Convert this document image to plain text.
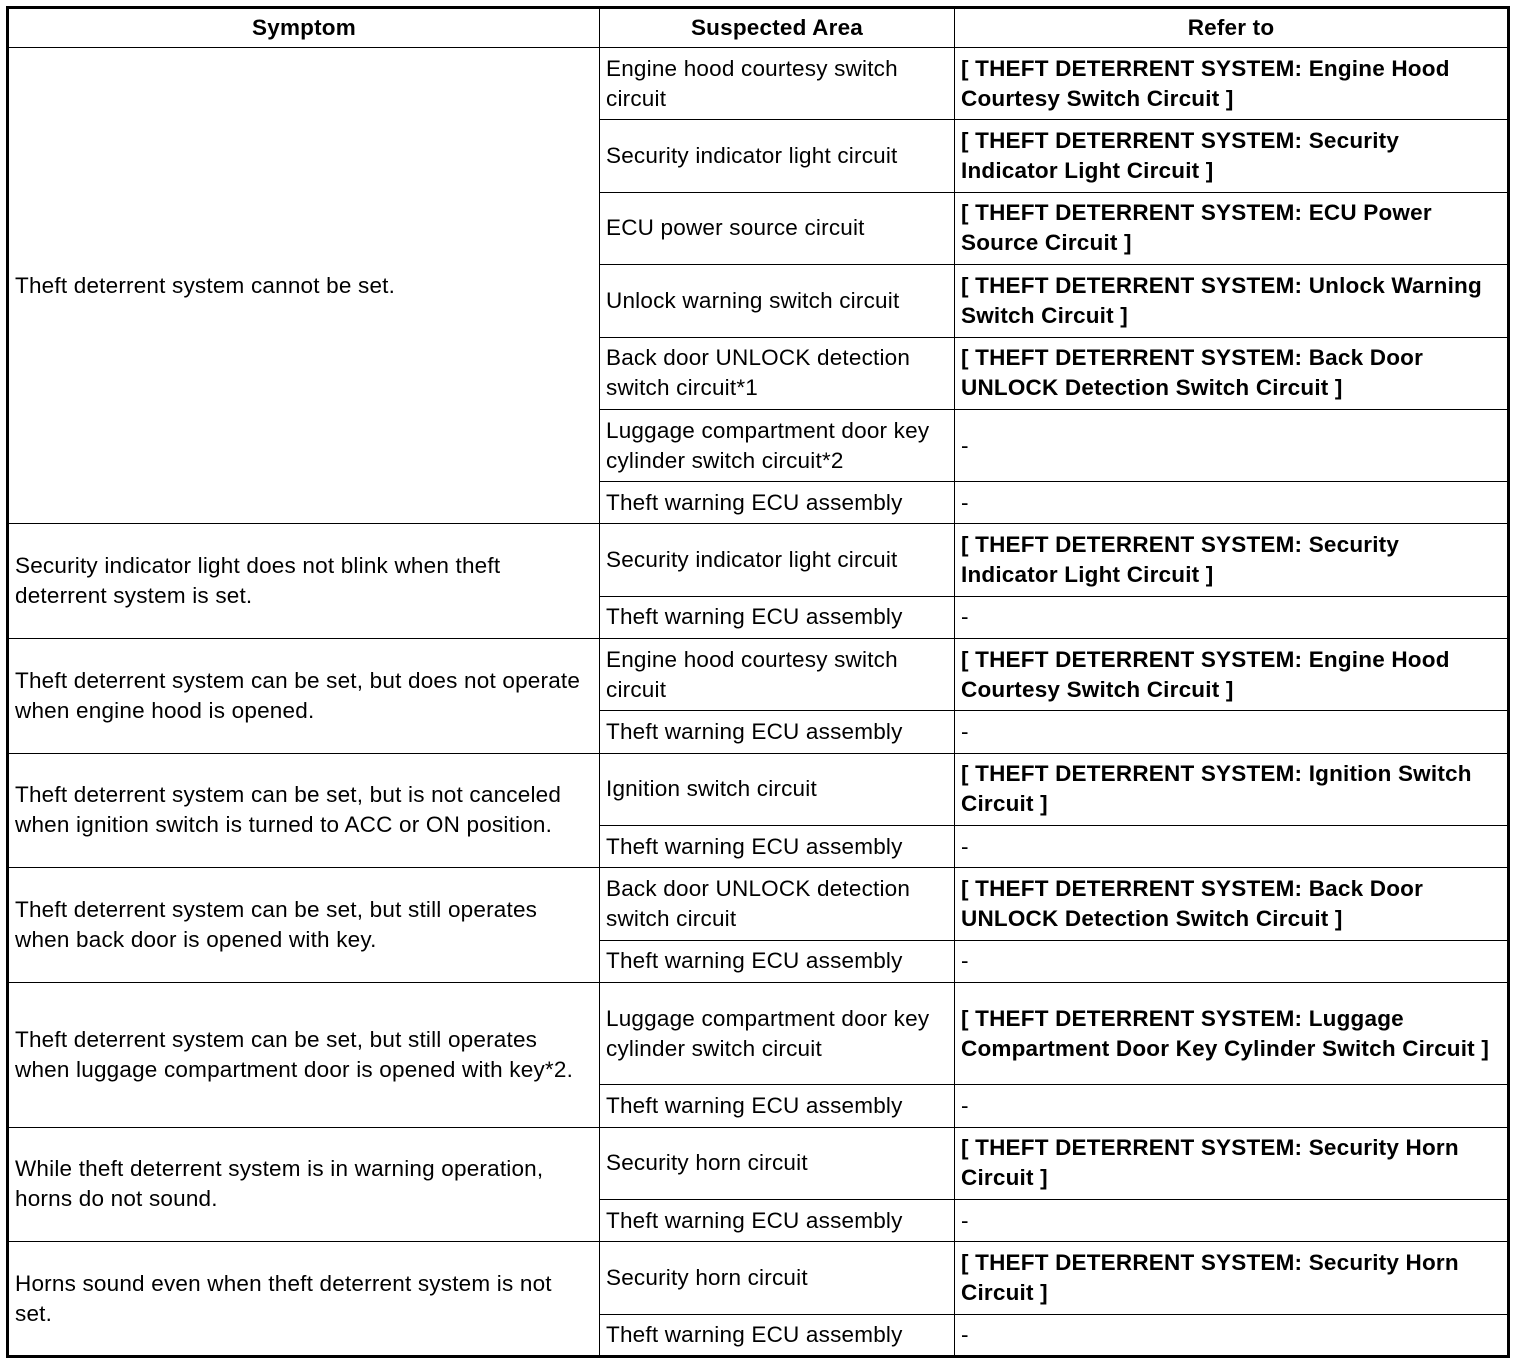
Symptom	Suspected Area	Refer to
Theft deterrent system cannot be set.	Engine hood courtesy switch circuit	[ THEFT DETERRENT SYSTEM: Engine Hood Courtesy Switch Circuit ]
	Security indicator light circuit	[ THEFT DETERRENT SYSTEM: Security Indicator Light Circuit ]
	ECU power source circuit	[ THEFT DETERRENT SYSTEM: ECU Power Source Circuit ]
	Unlock warning switch circuit	[ THEFT DETERRENT SYSTEM: Unlock Warning Switch Circuit ]
	Back door UNLOCK detection switch circuit*1	[ THEFT DETERRENT SYSTEM: Back Door UNLOCK Detection Switch Circuit ]
	Luggage compartment door key cylinder switch circuit*2	-
	Theft warning ECU assembly	-
Security indicator light does not blink when theft deterrent system is set.	Security indicator light circuit	[ THEFT DETERRENT SYSTEM: Security Indicator Light Circuit ]
	Theft warning ECU assembly	-
Theft deterrent system can be set, but does not operate when engine hood is opened.	Engine hood courtesy switch circuit	[ THEFT DETERRENT SYSTEM: Engine Hood Courtesy Switch Circuit ]
	Theft warning ECU assembly	-
Theft deterrent system can be set, but is not canceled when ignition switch is turned to ACC or ON position.	Ignition switch circuit	[ THEFT DETERRENT SYSTEM: Ignition Switch Circuit ]
	Theft warning ECU assembly	-
Theft deterrent system can be set, but still operates when back door is opened with key.	Back door UNLOCK detection switch circuit	[ THEFT DETERRENT SYSTEM: Back Door UNLOCK Detection Switch Circuit ]
	Theft warning ECU assembly	-
Theft deterrent system can be set, but still operates when luggage compartment door is opened with key*2.	Luggage compartment door key cylinder switch circuit	[ THEFT DETERRENT SYSTEM: Luggage Compartment Door Key Cylinder Switch Circuit ]
	Theft warning ECU assembly	-
While theft deterrent system is in warning operation, horns do not sound.	Security horn circuit	[ THEFT DETERRENT SYSTEM: Security Horn Circuit ]
	Theft warning ECU assembly	-
Horns sound even when theft deterrent system is not set.	Security horn circuit	[ THEFT DETERRENT SYSTEM: Security Horn Circuit ]
	Theft warning ECU assembly	-
